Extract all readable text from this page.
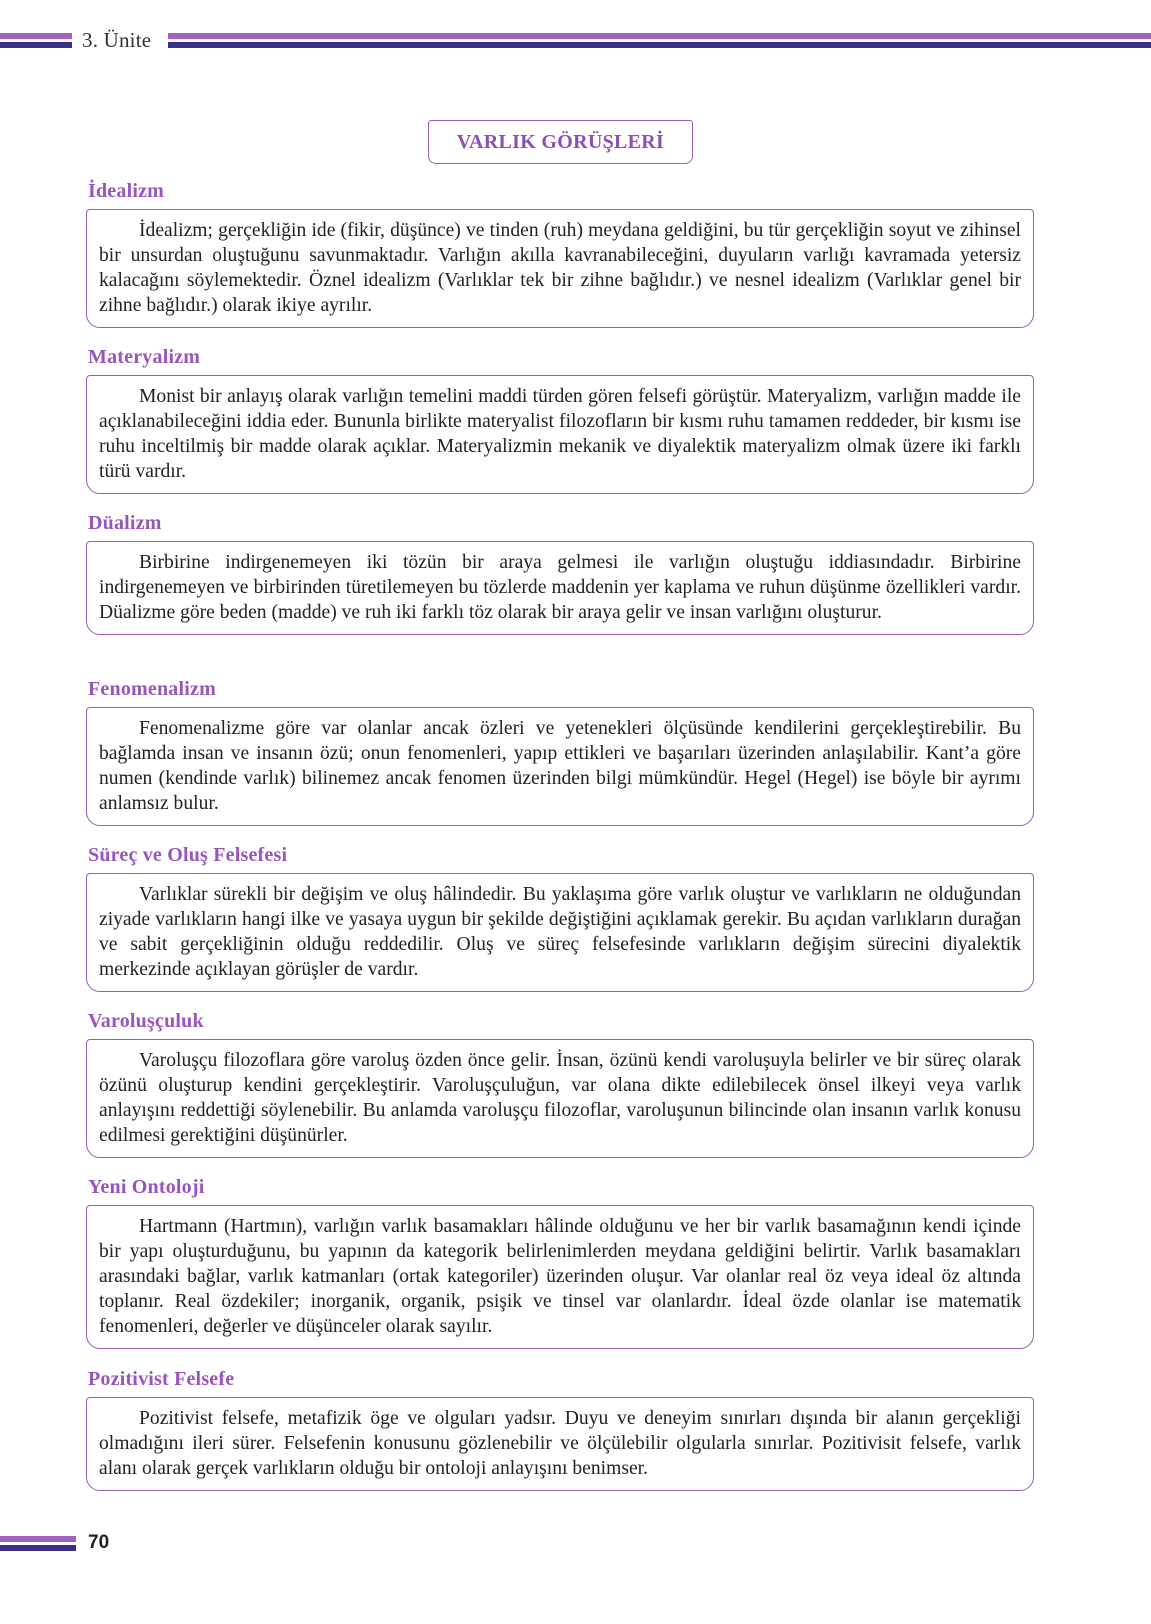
3. Ünite
VARLIK GÖRÜŞLERİ
İdealizm

İdealizm; gerçekliğin ide (fikir, düşünce) ve tinden (ruh) meydana geldiğini, bu tür gerçekliğin soyut ve zihinsel bir unsurdan oluştuğunu savunmaktadır. Varlığın akılla kavranabileceğini, duyuların varlığı kavramada yetersiz kalacağını söylemektedir. Öznel idealizm (Varlıklar tek bir zihne bağlıdır.) ve nesnel idealizm (Varlıklar genel bir zihne bağlıdır.) olarak ikiye ayrılır.

Materyalizm

Monist bir anlayış olarak varlığın temelini maddi türden gören felsefi görüştür. Materyalizm, varlığın madde ile açıklanabileceğini iddia eder. Bununla birlikte materyalist filozofların bir kısmı ruhu tamamen reddeder, bir kısmı ise ruhu inceltilmiş bir madde olarak açıklar. Materyalizmin mekanik ve diyalektik materyalizm olmak üzere iki farklı türü vardır.

Düalizm

Birbirine indirgenemeyen iki tözün bir araya gelmesi ile varlığın oluştuğu iddiasındadır. Birbirine indirgenemeyen ve birbirinden türetilemeyen bu tözlerde maddenin yer kaplama ve ruhun düşünme özellikleri vardır. Düalizme göre beden (madde) ve ruh iki farklı töz olarak bir araya gelir ve insan varlığını oluşturur.

Fenomenalizm

Fenomenalizme göre var olanlar ancak özleri ve yetenekleri ölçüsünde kendilerini gerçekleştirebilir. Bu bağlamda insan ve insanın özü; onun fenomenleri, yapıp ettikleri ve başarıları üzerinden anlaşılabilir. Kant’a göre numen (kendinde varlık) bilinemez ancak fenomen üzerinden bilgi mümkündür. Hegel (Hegel) ise böyle bir ayrımı anlamsız bulur.

Süreç ve Oluş Felsefesi

Varlıklar sürekli bir değişim ve oluş hâlindedir. Bu yaklaşıma göre varlık oluştur ve varlıkların ne olduğundan ziyade varlıkların hangi ilke ve yasaya uygun bir şekilde değiştiğini açıklamak gerekir. Bu açıdan varlıkların durağan ve sabit gerçekliğinin olduğu reddedilir. Oluş ve süreç felsefesinde varlıkların değişim sürecini diyalektik merkezinde açıklayan görüşler de vardır.

Varoluşçuluk

Varoluşçu filozoflara göre varoluş özden önce gelir. İnsan, özünü kendi varoluşuyla belirler ve bir süreç olarak özünü oluşturup kendini gerçekleştirir. Varoluşçuluğun, var olana dikte edilebilecek önsel ilkeyi veya varlık anlayışını reddettiği söylenebilir. Bu anlamda varoluşçu filozoflar, varoluşunun bilincinde olan insanın varlık konusu edilmesi gerektiğini düşünürler.

Yeni Ontoloji

Hartmann (Hartmın), varlığın varlık basamakları hâlinde olduğunu ve her bir varlık basamağının kendi içinde bir yapı oluşturduğunu, bu yapının da kategorik belirlenimlerden meydana geldiğini belirtir. Varlık basamakları arasındaki bağlar, varlık katmanları (ortak kategoriler) üzerinden oluşur. Var olanlar real öz veya ideal öz altında toplanır. Real özdekiler; inorganik, organik, psişik ve tinsel var olanlardır. İdeal özde olanlar ise matematik fenomenleri, değerler ve düşünceler olarak sayılır.

Pozitivist Felsefe

Pozitivist felsefe, metafizik öge ve olguları yadsır. Duyu ve deneyim sınırları dışında bir alanın gerçekliği olmadığını ileri sürer. Felsefenin konusunu gözlenebilir ve ölçülebilir olgularla sınırlar. Pozitivisit felsefe, varlık alanı olarak gerçek varlıkların olduğu bir ontoloji anlayışını benimser.

70
